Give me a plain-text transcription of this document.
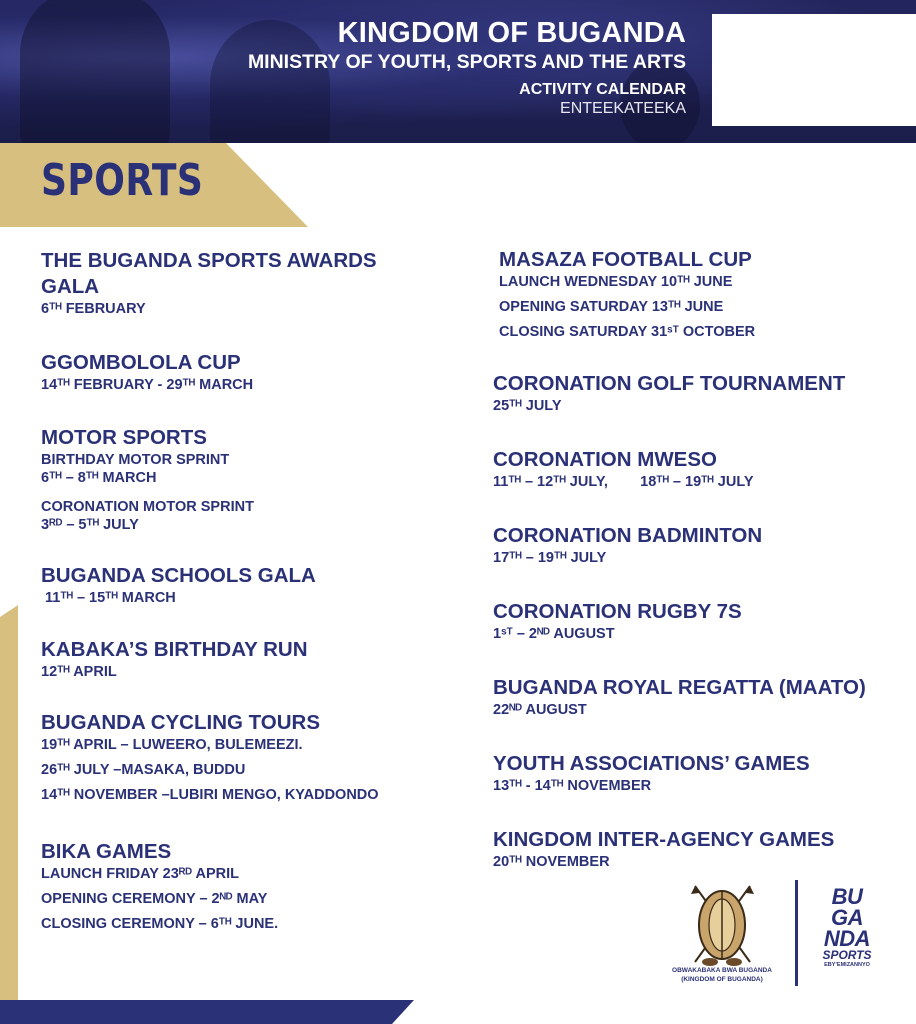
KINGDOM OF BUGANDA
MINISTRY OF YOUTH, SPORTS AND THE ARTS
ACTIVITY CALENDAR
ENTEEKATEEKA
SPORTS
THE BUGANDA SPORTS AWARDS
GALA
6ᵀᴴ FEBRUARY
GGOMBOLOLA CUP
14ᵀᴴ FEBRUARY - 29ᵀᴴ MARCH
MOTOR SPORTS
BIRTHDAY MOTOR SPRINT
6ᵀᴴ – 8ᵀᴴ MARCH
CORONATION MOTOR SPRINT
3ᴿᴰ – 5ᵀᴴ JULY
BUGANDA SCHOOLS GALA
11ᵀᴴ – 15ᵀᴴ MARCH
KABAKA’S BIRTHDAY RUN
12ᵀᴴ APRIL
BUGANDA CYCLING TOURS
19ᵀᴴ APRIL – LUWEERO, BULEMEEZI.
26ᵀᴴ JULY –MASAKA, BUDDU
14ᵀᴴ NOVEMBER –LUBIRI MENGO, KYADDONDO
BIKA GAMES
LAUNCH FRIDAY 23ᴿᴰ APRIL
OPENING CEREMONY – 2ᴺᴰ MAY
CLOSING CEREMONY – 6ᵀᴴ JUNE.
MASAZA FOOTBALL CUP
LAUNCH WEDNESDAY 10ᵀᴴ JUNE
OPENING SATURDAY 13ᵀᴴ JUNE
CLOSING SATURDAY 31ˢᵀ OCTOBER
CORONATION GOLF TOURNAMENT
25ᵀᴴ JULY
CORONATION MWESO
11ᵀᴴ – 12ᵀᴴ JULY,        18ᵀᴴ – 19ᵀᴴ JULY
CORONATION BADMINTON
17ᵀᴴ – 19ᵀᴴ JULY
CORONATION RUGBY 7S
1ˢᵀ – 2ᴺᴰ AUGUST
BUGANDA ROYAL REGATTA (MAATO)
22ᴺᴰ AUGUST
YOUTH ASSOCIATIONS’ GAMES
13ᵀᴴ - 14ᵀᴴ NOVEMBER
KINGDOM INTER-AGENCY GAMES
20ᵀᴴ NOVEMBER
OBWAKABAKA BWA BUGANDA
(KINGDOM OF BUGANDA)
BU
GA
NDA
SPORTS
EBY’EMIZANNYO
